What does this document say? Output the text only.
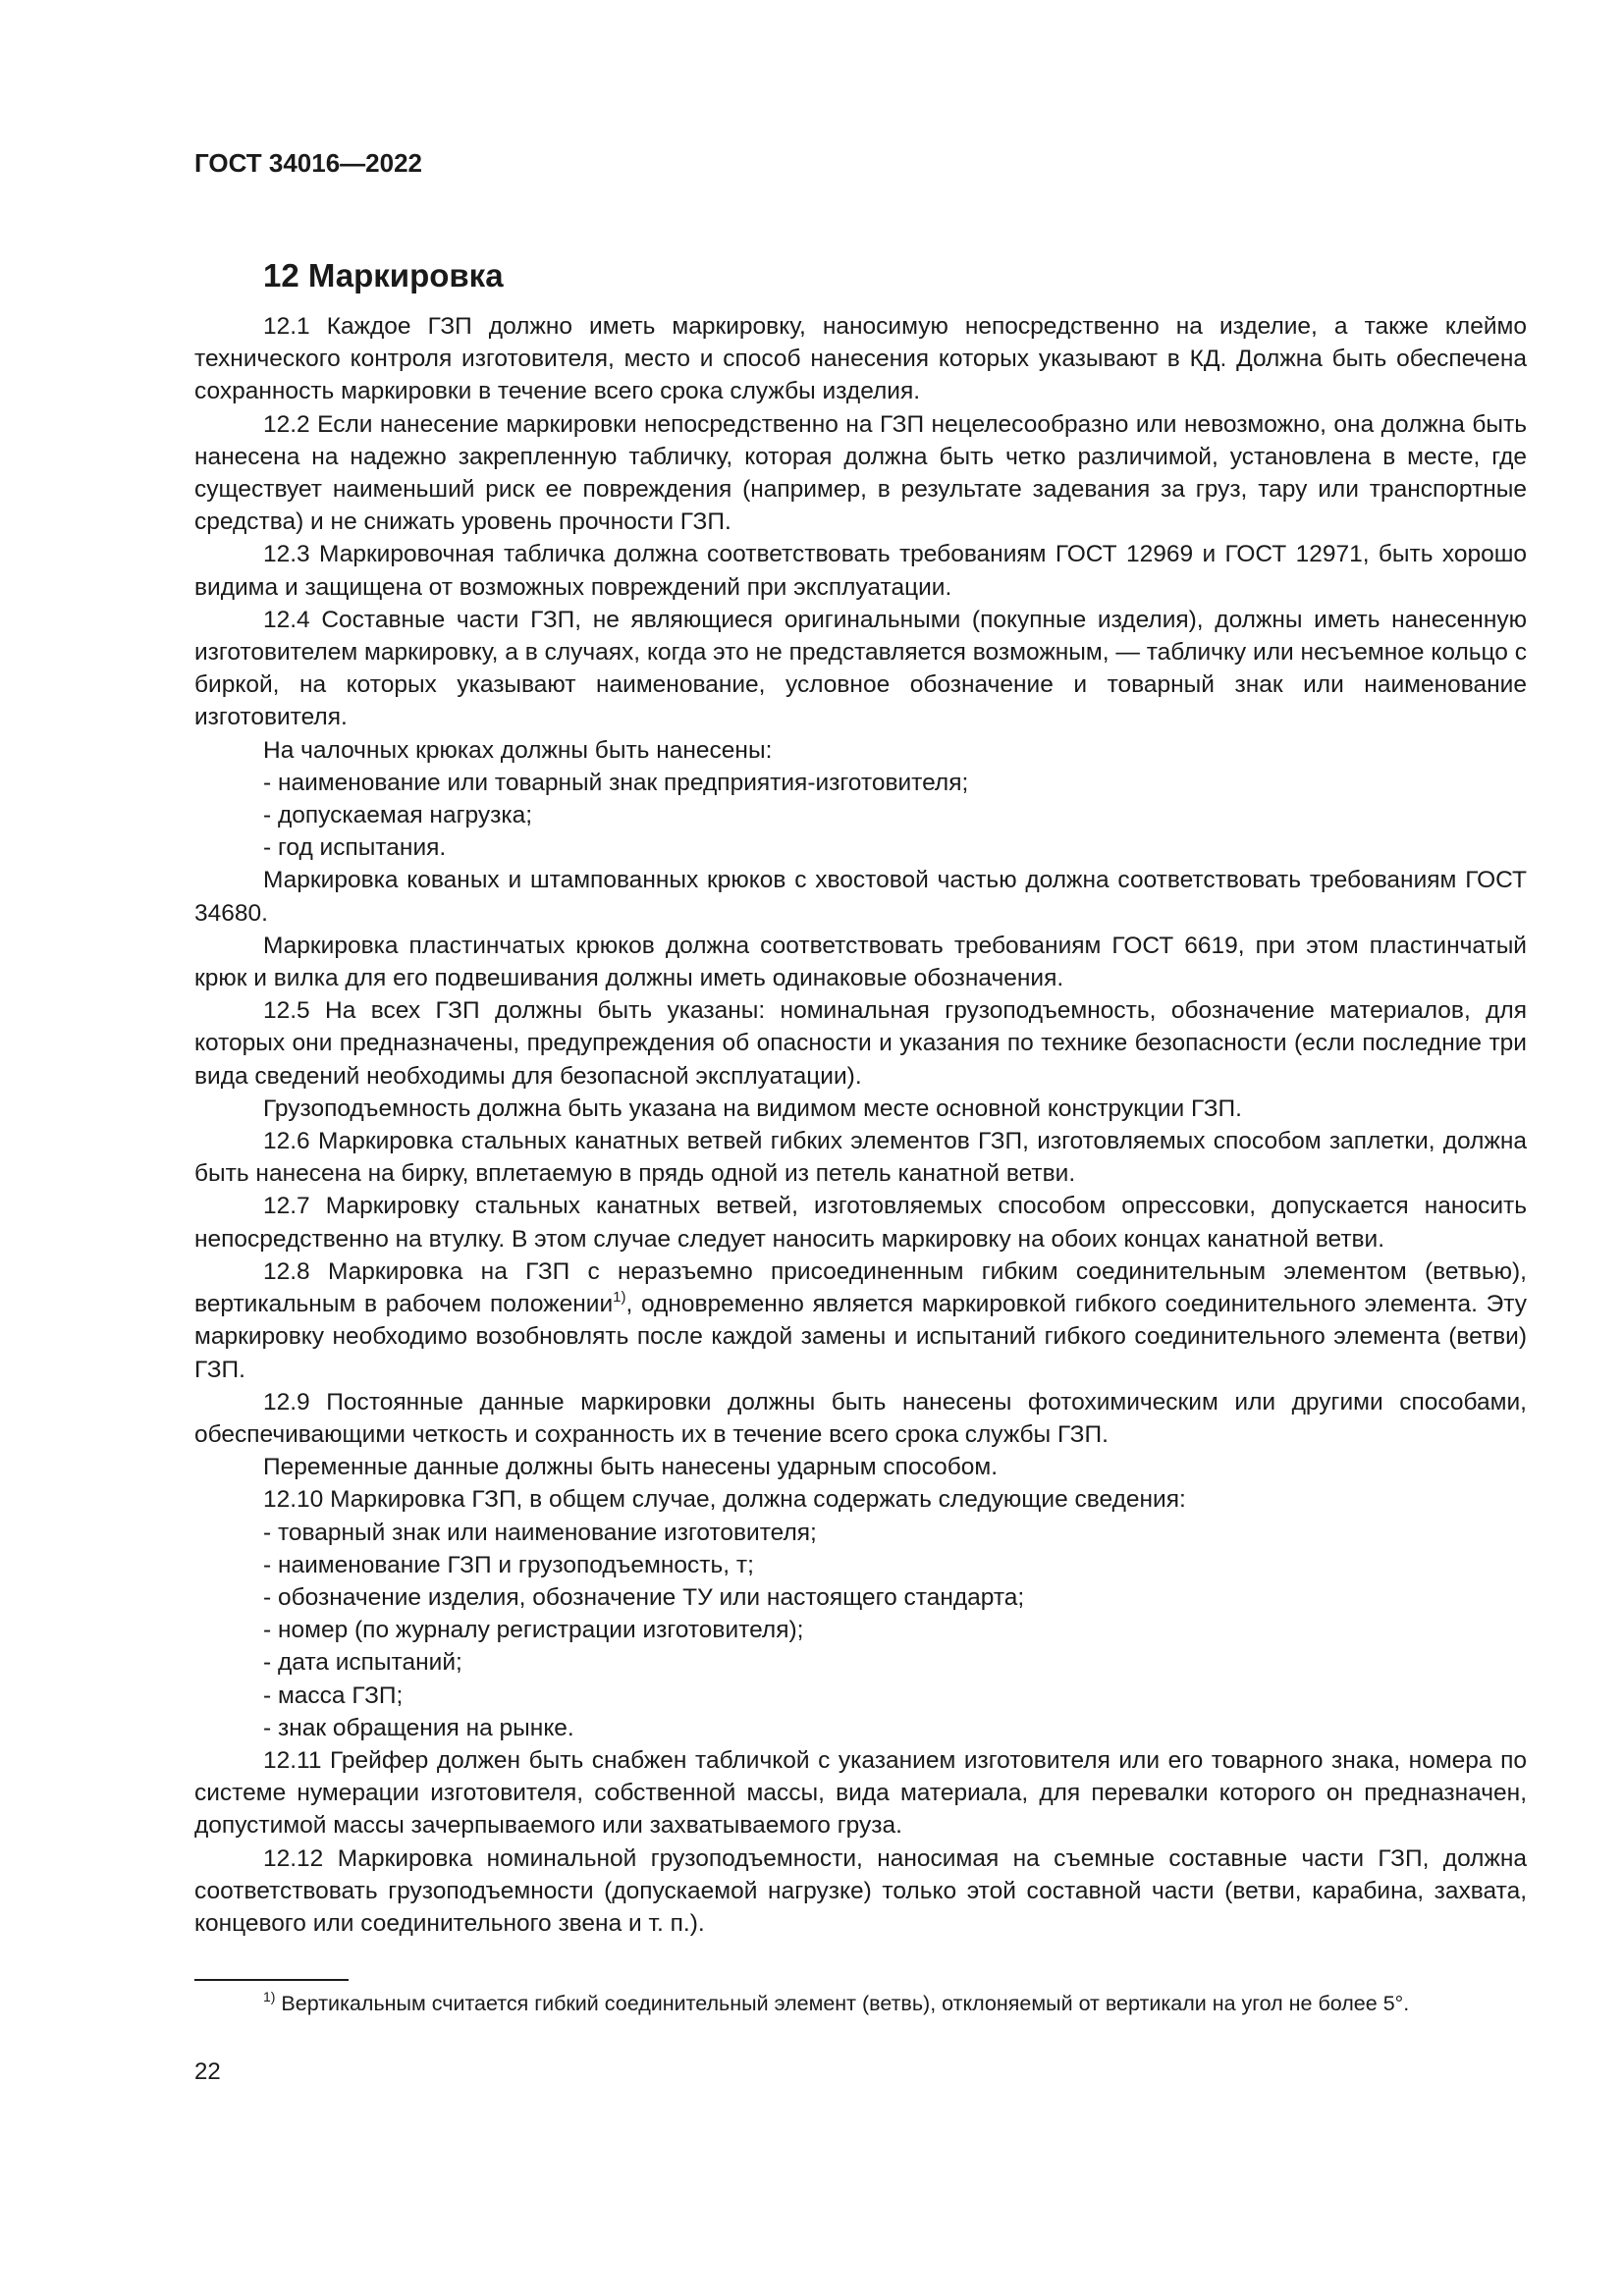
ГОСТ 34016—2022

12 Маркировка

12.1 Каждое ГЗП должно иметь маркировку, наносимую непосредственно на изделие, а также клеймо технического контроля изготовителя, место и способ нанесения которых указывают в КД. Должна быть обеспечена сохранность маркировки в течение всего срока службы изделия.

12.2 Если нанесение маркировки непосредственно на ГЗП нецелесообразно или невозможно, она должна быть нанесена на надежно закрепленную табличку, которая должна быть четко различимой, установлена в месте, где существует наименьший риск ее повреждения (например, в результате задевания за груз, тару или транспортные средства) и не снижать уровень прочности ГЗП.

12.3 Маркировочная табличка должна соответствовать требованиям ГОСТ 12969 и ГОСТ 12971, быть хорошо видима и защищена от возможных повреждений при эксплуатации.

12.4 Составные части ГЗП, не являющиеся оригинальными (покупные изделия), должны иметь нанесенную изготовителем маркировку, а в случаях, когда это не представляется возможным, — табличку или несъемное кольцо с биркой, на которых указывают наименование, условное обозначение и товарный знак или наименование изготовителя.

На чалочных крюках должны быть нанесены:

- наименование или товарный знак предприятия-изготовителя;

- допускаемая нагрузка;

- год испытания.

Маркировка кованых и штампованных крюков с хвостовой частью должна соответствовать требованиям ГОСТ 34680.

Маркировка пластинчатых крюков должна соответствовать требованиям ГОСТ 6619, при этом пластинчатый крюк и вилка для его подвешивания должны иметь одинаковые обозначения.

12.5 На всех ГЗП должны быть указаны: номинальная грузоподъемность, обозначение материалов, для которых они предназначены, предупреждения об опасности и указания по технике безопасности (если последние три вида сведений необходимы для безопасной эксплуатации).

Грузоподъемность должна быть указана на видимом месте основной конструкции ГЗП.

12.6 Маркировка стальных канатных ветвей гибких элементов ГЗП, изготовляемых способом заплетки, должна быть нанесена на бирку, вплетаемую в прядь одной из петель канатной ветви.

12.7 Маркировку стальных канатных ветвей, изготовляемых способом опрессовки, допускается наносить непосредственно на втулку. В этом случае следует наносить маркировку на обоих концах канатной ветви.

12.8 Маркировка на ГЗП с неразъемно присоединенным гибким соединительным элементом (ветвью), вертикальным в рабочем положении$^{1)}$, одновременно является маркировкой гибкого соединительного элемента. Эту маркировку необходимо возобновлять после каждой замены и испытаний гибкого соединительного элемента (ветви) ГЗП.

12.9 Постоянные данные маркировки должны быть нанесены фотохимическим или другими способами, обеспечивающими четкость и сохранность их в течение всего срока службы ГЗП.

Переменные данные должны быть нанесены ударным способом.

12.10 Маркировка ГЗП, в общем случае, должна содержать следующие сведения:

- товарный знак или наименование изготовителя;

- наименование ГЗП и грузоподъемность, т;

- обозначение изделия, обозначение ТУ или настоящего стандарта;

- номер (по журналу регистрации изготовителя);

- дата испытаний;

- масса ГЗП;

- знак обращения на рынке.

12.11 Грейфер должен быть снабжен табличкой с указанием изготовителя или его товарного знака, номера по системе нумерации изготовителя, собственной массы, вида материала, для перевалки которого он предназначен, допустимой массы зачерпываемого или захватываемого груза.

12.12 Маркировка номинальной грузоподъемности, наносимая на съемные составные части ГЗП, должна соответствовать грузоподъемности (допускаемой нагрузке) только этой составной части (ветви, карабина, захвата, концевого или соединительного звена и т. п.).

$^{1)}$ Вертикальным считается гибкий соединительный элемент (ветвь), отклоняемый от вертикали на угол не более 5°.

22
